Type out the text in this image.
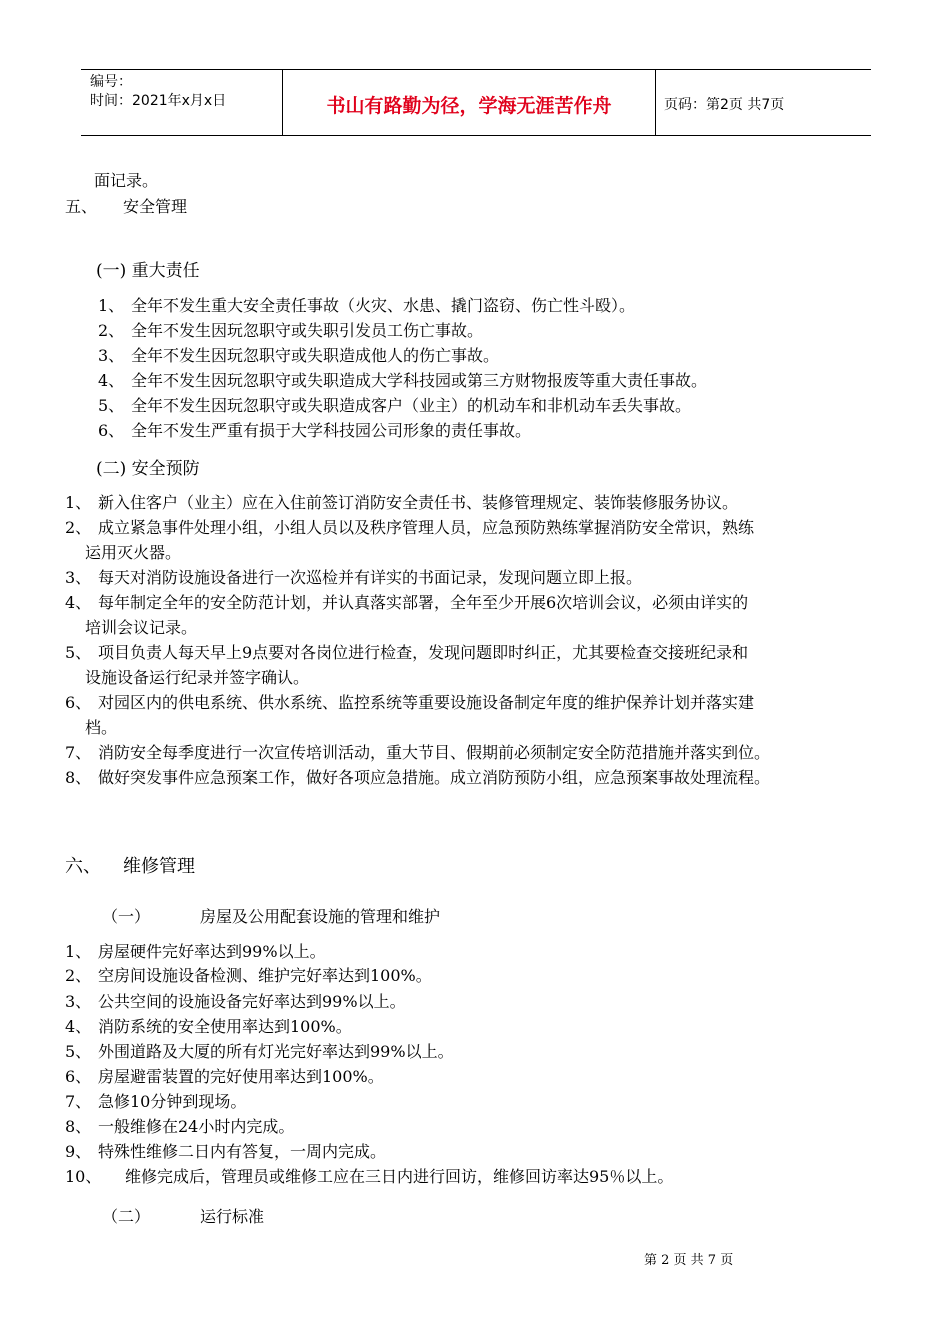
编号：
时间：2021年x月x日	书山有路勤为径，学海无涯苦作舟	页码：第2页 共7页
面记录。
五、 安全管理
(一) 重大责任
1、 全年不发生重大安全责任事故（火灾、水患、撬门盗窃、伤亡性斗殴）。
2、 全年不发生因玩忽职守或失职引发员工伤亡事故。
3、 全年不发生因玩忽职守或失职造成他人的伤亡事故。
4、 全年不发生因玩忽职守或失职造成大学科技园或第三方财物报废等重大责任事故。
5、 全年不发生因玩忽职守或失职造成客户（业主）的机动车和非机动车丢失事故。
6、 全年不发生严重有损于大学科技园公司形象的责任事故。
(二) 安全预防
1、 新入住客户（业主）应在入住前签订消防安全责任书、装修管理规定、装饰装修服务协议。
2、 成立紧急事件处理小组，小组人员以及秩序管理人员，应急预防熟练掌握消防安全常识，熟练
运用灭火器。
3、 每天对消防设施设备进行一次巡检并有详实的书面记录，发现问题立即上报。
4、 每年制定全年的安全防范计划，并认真落实部署，全年至少开展6次培训会议，必须由详实的
培训会议记录。
5、 项目负责人每天早上9点要对各岗位进行检查，发现问题即时纠正，尤其要检查交接班纪录和
设施设备运行纪录并签字确认。
6、 对园区内的供电系统、供水系统、监控系统等重要设施设备制定年度的维护保养计划并落实建
档。
7、 消防安全每季度进行一次宣传培训活动，重大节目、假期前必须制定安全防范措施并落实到位。
8、 做好突发事件应急预案工作，做好各项应急措施。成立消防预防小组，应急预案事故处理流程。
六、 维修管理
（一）	房屋及公用配套设施的管理和维护
1、 房屋硬件完好率达到99%以上。
2、 空房间设施设备检测、维护完好率达到100%。
3、 公共空间的设施设备完好率达到99%以上。
4、 消防系统的安全使用率达到100%。
5、 外围道路及大厦的所有灯光完好率达到99%以上。
6、 房屋避雷装置的完好使用率达到100%。
7、 急修10分钟到现场。
8、 一般维修在24小时内完成。
9、 特殊性维修二日内有答复，一周内完成。
10、 维修完成后，管理员或维修工应在三日内进行回访，维修回访率达95％以上。
（二）	运行标准
第 2 页 共 7 页
